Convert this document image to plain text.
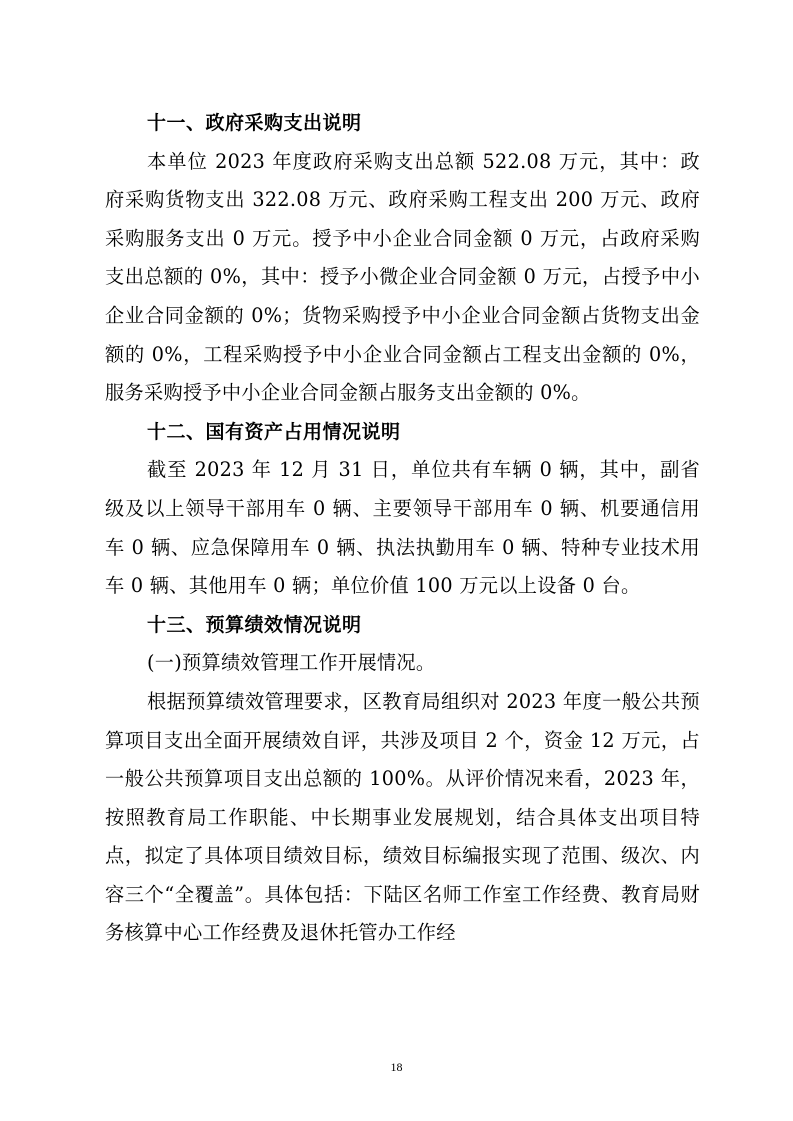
十一、政府采购支出说明

本单位 2023 年度政府采购支出总额 522.08 万元，其中：政府采购货物支出 322.08 万元、政府采购工程支出 200 万元、政府采购服务支出 0 万元。授予中小企业合同金额 0 万元，占政府采购支出总额的 0%，其中：授予小微企业合同金额 0 万元，占授予中小企业合同金额的 0%；货物采购授予中小企业合同金额占货物支出金额的 0%，工程采购授予中小企业合同金额占工程支出金额的 0%，服务采购授予中小企业合同金额占服务支出金额的 0%。

十二、国有资产占用情况说明

截至 2023 年 12 月 31 日，单位共有车辆 0 辆，其中，副省级及以上领导干部用车 0 辆、主要领导干部用车 0 辆、机要通信用车 0 辆、应急保障用车 0 辆、执法执勤用车 0 辆、特种专业技术用车 0 辆、其他用车 0 辆；单位价值 100 万元以上设备 0 台。

十三、预算绩效情况说明

(一)预算绩效管理工作开展情况。

根据预算绩效管理要求，区教育局组织对 2023 年度一般公共预算项目支出全面开展绩效自评，共涉及项目 2 个，资金 12 万元，占一般公共预算项目支出总额的 100%。从评价情况来看，2023 年，按照教育局工作职能、中长期事业发展规划，结合具体支出项目特点，拟定了具体项目绩效目标，绩效目标编报实现了范围、级次、内容三个“全覆盖”。具体包括：下陆区名师工作室工作经费、教育局财务核算中心工作经费及退休托管办工作经

18
